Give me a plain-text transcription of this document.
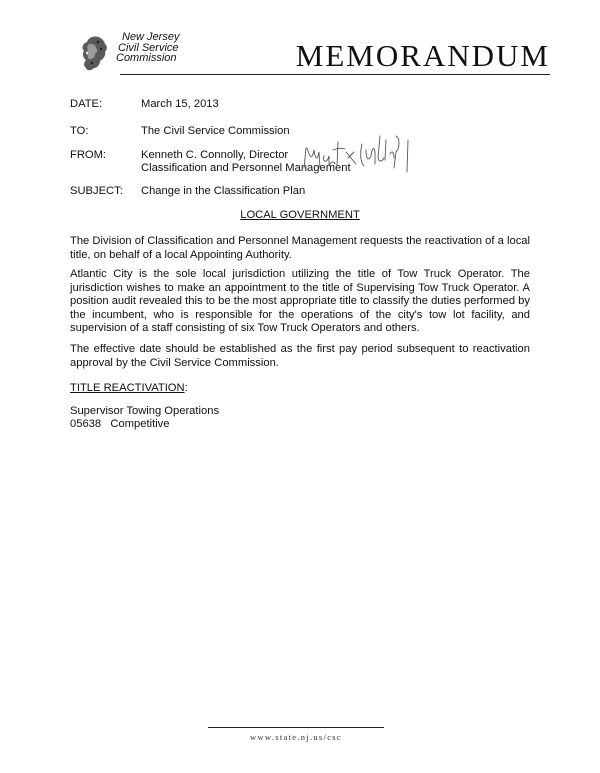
New Jersey
Civil Service
Commission	MEMORANDUM
DATE:	March 15, 2013
TO:	The Civil Service Commission
FROM:	Kenneth C. Connolly, Director
Classification and Personnel Management
SUBJECT: Change in the Classification Plan
LOCAL GOVERNMENT
The Division of Classification and Personnel Management requests the reactivation of a local title, on behalf of a local Appointing Authority.
Atlantic City is the sole local jurisdiction utilizing the title of Tow Truck Operator. The jurisdiction wishes to make an appointment to the title of Supervising Tow Truck Operator. A position audit revealed this to be the most appropriate title to classify the duties performed by the incumbent, who is responsible for the operations of the city's tow lot facility, and supervision of a staff consisting of six Tow Truck Operators and others.
The effective date should be established as the first pay period subsequent to reactivation approval by the Civil Service Commission.
TITLE REACTIVATION:
Supervisor Towing Operations
05638   Competitive
www.state.nj.us/csc
